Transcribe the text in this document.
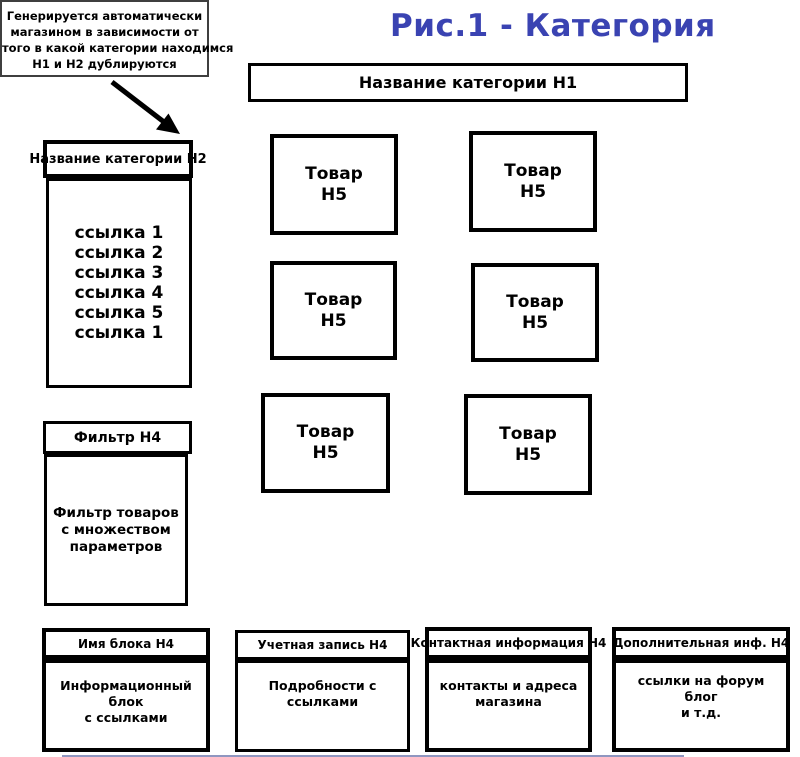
Генерируется автоматически
магазином в зависимости от
того в какой категории находимся
H1 и H2 дублируются
Рис.1 - Категория
Название категории H1
Название категории H2
ссылка 1
ссылка 2
ссылка 3
ссылка 4
ссылка 5
ссылка 1
Фильтр H4
Фильтр товаров
с множеством
параметров
Товар
H5
Товар
H5
Товар
H5
Товар
H5
Товар
H5
Товар
H5
Имя блока H4
Информационный блок
с ссылками
Учетная запись H4
Подробности с ссылками
Контактная информация H4
контакты и адреса
магазина
Дополнительная инф. H4
ссылки на форум
блог
и т.д.
